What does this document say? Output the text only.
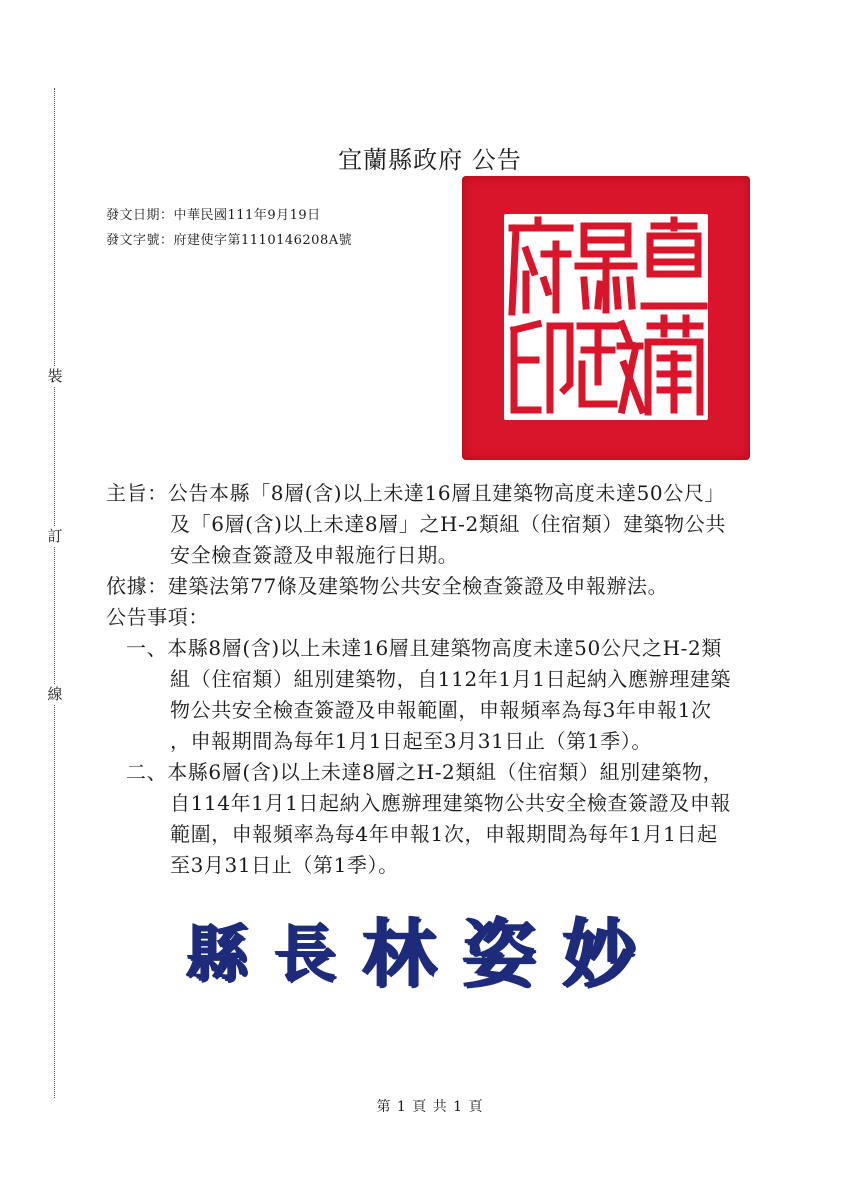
裝
訂
線
宜蘭縣政府 公告
發文日期：中華民國111年9月19日
發文字號：府建使字第1110146208A號
主旨：公告本縣「8層(含)以上未達16層且建築物高度未達50公尺」
及「6層(含)以上未達8層」之H-2類組（住宿類）建築物公共
安全檢查簽證及申報施行日期。
依據：建築法第77條及建築物公共安全檢查簽證及申報辦法。
公告事項：
一、本縣8層(含)以上未達16層且建築物高度未達50公尺之H-2類
組（住宿類）組別建築物，自112年1月1日起納入應辦理建築
物公共安全檢查簽證及申報範圍，申報頻率為每3年申報1次
，申報期間為每年1月1日起至3月31日止（第1季）。
二、本縣6層(含)以上未達8層之H-2類組（住宿類）組別建築物，
自114年1月1日起納入應辦理建築物公共安全檢查簽證及申報
範圍，申報頻率為每4年申報1次，申報期間為每年1月1日起
至3月31日止（第1季）。
縣 長 林 姿 妙
第 1 頁 共 1 頁
